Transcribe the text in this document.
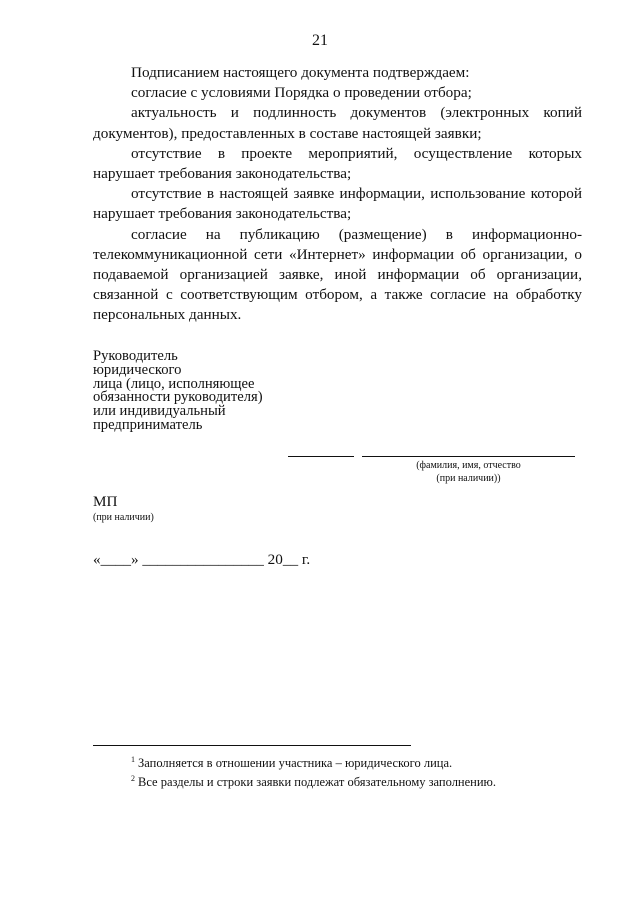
21

Подписанием настоящего документа подтверждаем:

согласие с условиями Порядка о проведении отбора;

актуальность и подлинность документов (электронных копий документов), предоставленных в составе настоящей заявки;

отсутствие в проекте мероприятий, осуществление которых нарушает требования законодательства;

отсутствие в настоящей заявке информации, использование которой нарушает требования законодательства;

согласие на публикацию (размещение) в информационно-телекоммуникационной сети «Интернет» информации об организации, о подаваемой организацией заявке, иной информации об организации, связанной с соответствующим отбором, а также согласие на обработку персональных данных.

Руководитель
юридического
лица (лицо, исполняющее
обязанности руководителя)
или индивидуальный
предприниматель
(фамилия, имя, отчество
(при наличии))
МП
(при наличии)
«____» ________________ 20__ г.
$^1$ Заполняется в отношении участника – юридического лица.
$^2$ Все разделы и строки заявки подлежат обязательному заполнению.
